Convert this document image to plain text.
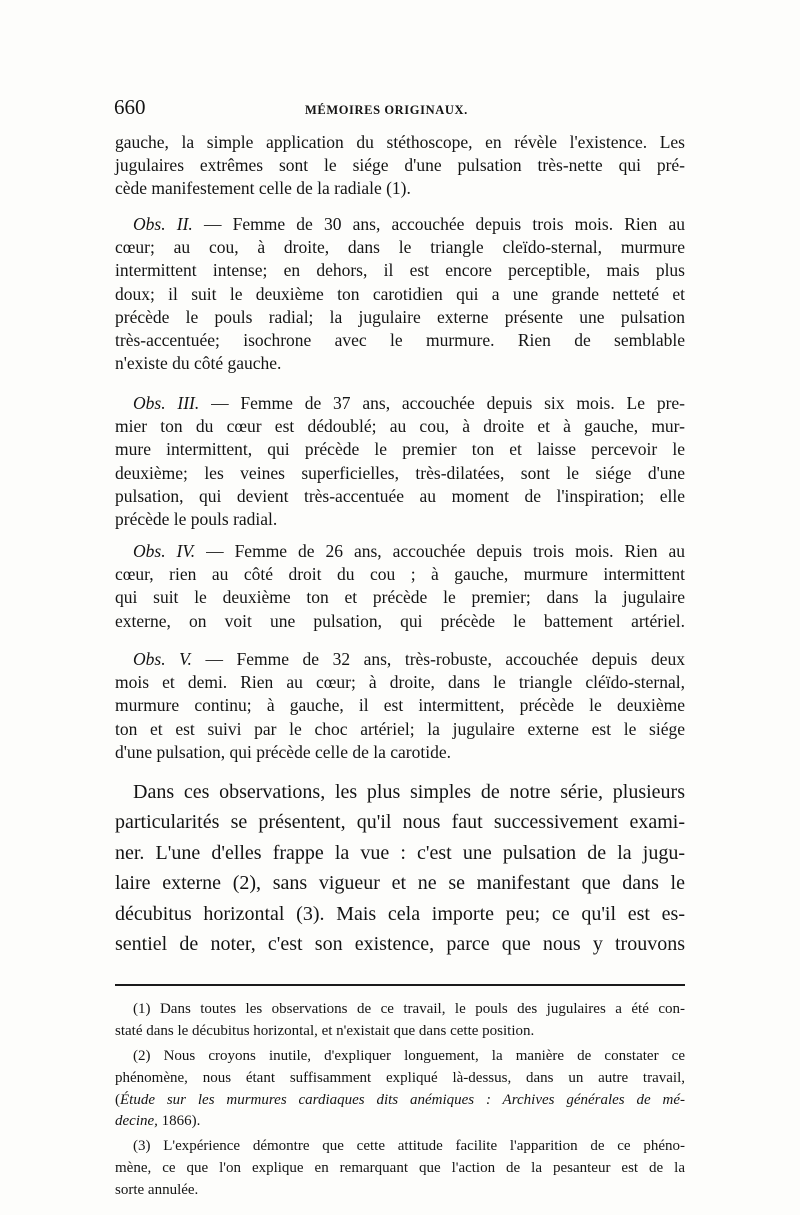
660	MÉMOIRES ORIGINAUX.
gauche, la simple application du stéthoscope, en révèle l'existence. Les
jugulaires extrêmes sont le siége d'une pulsation très-nette qui pré-
cède manifestement celle de la radiale (1).
Obs. II. — Femme de 30 ans, accouchée depuis trois mois. Rien au
cœur; au cou, à droite, dans le triangle cleïdo-sternal, murmure
intermittent intense; en dehors, il est encore perceptible, mais plus
doux; il suit le deuxième ton carotidien qui a une grande netteté et
précède le pouls radial; la jugulaire externe présente une pulsation
très-accentuée; isochrone avec le murmure. Rien de semblable
n'existe du côté gauche.
Obs. III. — Femme de 37 ans, accouchée depuis six mois. Le pre-
mier ton du cœur est dédoublé; au cou, à droite et à gauche, mur-
mure intermittent, qui précède le premier ton et laisse percevoir le
deuxième; les veines superficielles, très-dilatées, sont le siége d'une
pulsation, qui devient très-accentuée au moment de l'inspiration; elle
précède le pouls radial.
Obs. IV. — Femme de 26 ans, accouchée depuis trois mois. Rien au
cœur, rien au côté droit du cou ; à gauche, murmure intermittent
qui suit le deuxième ton et précède le premier; dans la jugulaire
externe, on voit une pulsation, qui précède le battement artériel.
Obs. V. — Femme de 32 ans, très-robuste, accouchée depuis deux
mois et demi. Rien au cœur; à droite, dans le triangle cléïdo-sternal,
murmure continu; à gauche, il est intermittent, précède le deuxième
ton et est suivi par le choc artériel; la jugulaire externe est le siége
d'une pulsation, qui précède celle de la carotide.
Dans ces observations, les plus simples de notre série, plusieurs
particularités se présentent, qu'il nous faut successivement exami-
ner. L'une d'elles frappe la vue : c'est une pulsation de la jugu-
laire externe (2), sans vigueur et ne se manifestant que dans le
décubitus horizontal (3). Mais cela importe peu; ce qu'il est es-
sentiel de noter, c'est son existence, parce que nous y trouvons
(1) Dans toutes les observations de ce travail, le pouls des jugulaires a été con-
staté dans le décubitus horizontal, et n'existait que dans cette position.
(2) Nous croyons inutile, d'expliquer longuement, la manière de constater ce
phénomène, nous étant suffisamment expliqué là-dessus, dans un autre travail,
(Étude sur les murmures cardiaques dits anémiques : Archives générales de mé-
decine, 1866).
(3) L'expérience démontre que cette attitude facilite l'apparition de ce phéno-
mène, ce que l'on explique en remarquant que l'action de la pesanteur est de la
sorte annulée.
